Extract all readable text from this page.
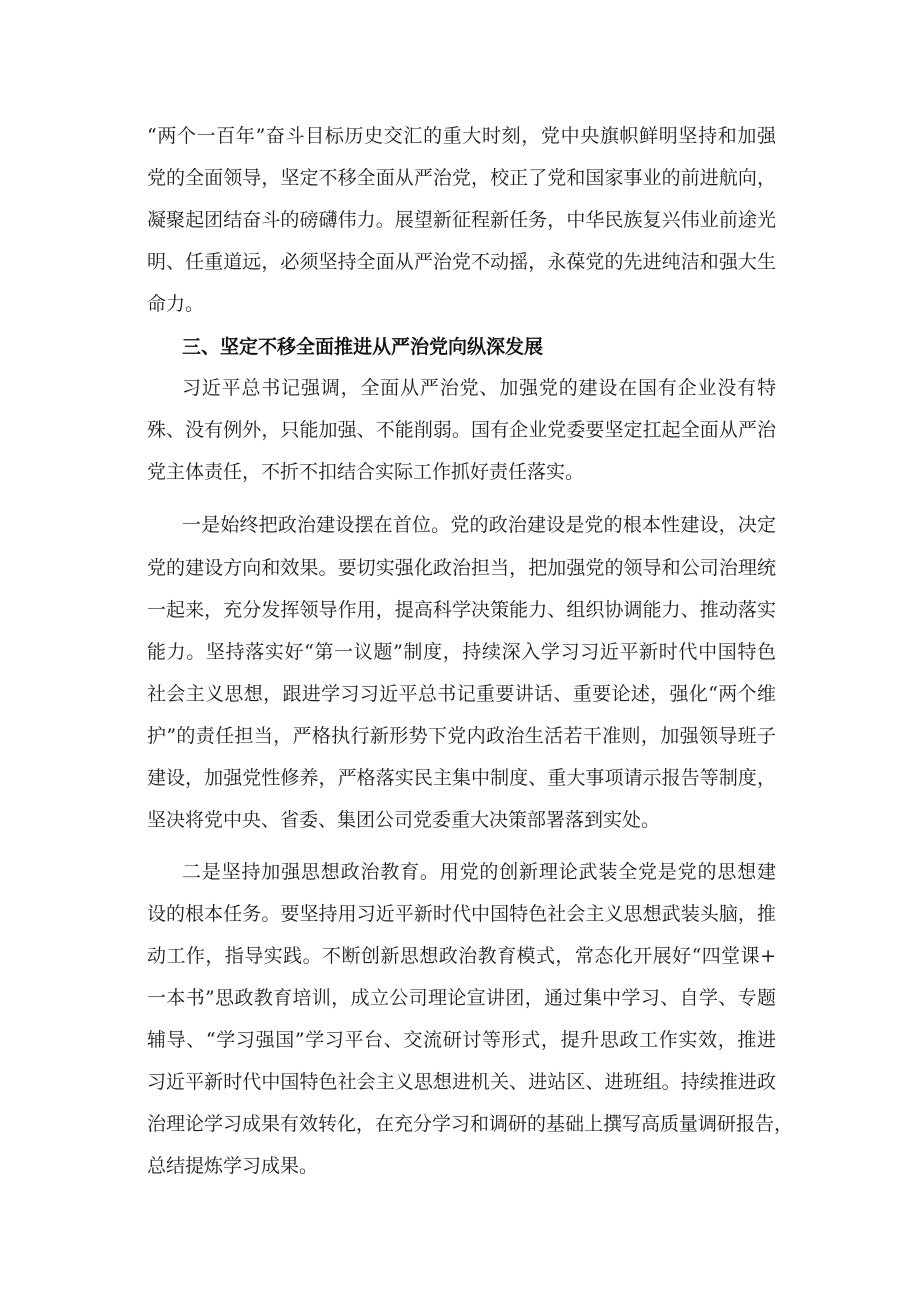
“两个一百年”奋斗目标历史交汇的重大时刻，党中央旗帜鲜明坚持和加强
党的全面领导，坚定不移全面从严治党，校正了党和国家事业的前进航向，
凝聚起团结奋斗的磅礴伟力。展望新征程新任务，中华民族复兴伟业前途光
明、任重道远，必须坚持全面从严治党不动摇，永葆党的先进纯洁和强大生
命力。
三、坚定不移全面推进从严治党向纵深发展
习近平总书记强调，全面从严治党、加强党的建设在国有企业没有特
殊、没有例外，只能加强、不能削弱。国有企业党委要坚定扛起全面从严治
党主体责任，不折不扣结合实际工作抓好责任落实。
一是始终把政治建设摆在首位。党的政治建设是党的根本性建设，决定
党的建设方向和效果。要切实强化政治担当，把加强党的领导和公司治理统
一起来，充分发挥领导作用，提高科学决策能力、组织协调能力、推动落实
能力。坚持落实好“第一议题”制度，持续深入学习习近平新时代中国特色
社会主义思想，跟进学习习近平总书记重要讲话、重要论述，强化“两个维
护”的责任担当，严格执行新形势下党内政治生活若干准则，加强领导班子
建设，加强党性修养，严格落实民主集中制度、重大事项请示报告等制度，
坚决将党中央、省委、集团公司党委重大决策部署落到实处。
二是坚持加强思想政治教育。用党的创新理论武装全党是党的思想建
设的根本任务。要坚持用习近平新时代中国特色社会主义思想武装头脑，推
动工作，指导实践。不断创新思想政治教育模式，常态化开展好“四堂课+
一本书”思政教育培训，成立公司理论宣讲团，通过集中学习、自学、专题
辅导、“学习强国”学习平台、交流研讨等形式，提升思政工作实效，推进
习近平新时代中国特色社会主义思想进机关、进站区、进班组。持续推进政
治理论学习成果有效转化，在充分学习和调研的基础上撰写高质量调研报告，
总结提炼学习成果。
